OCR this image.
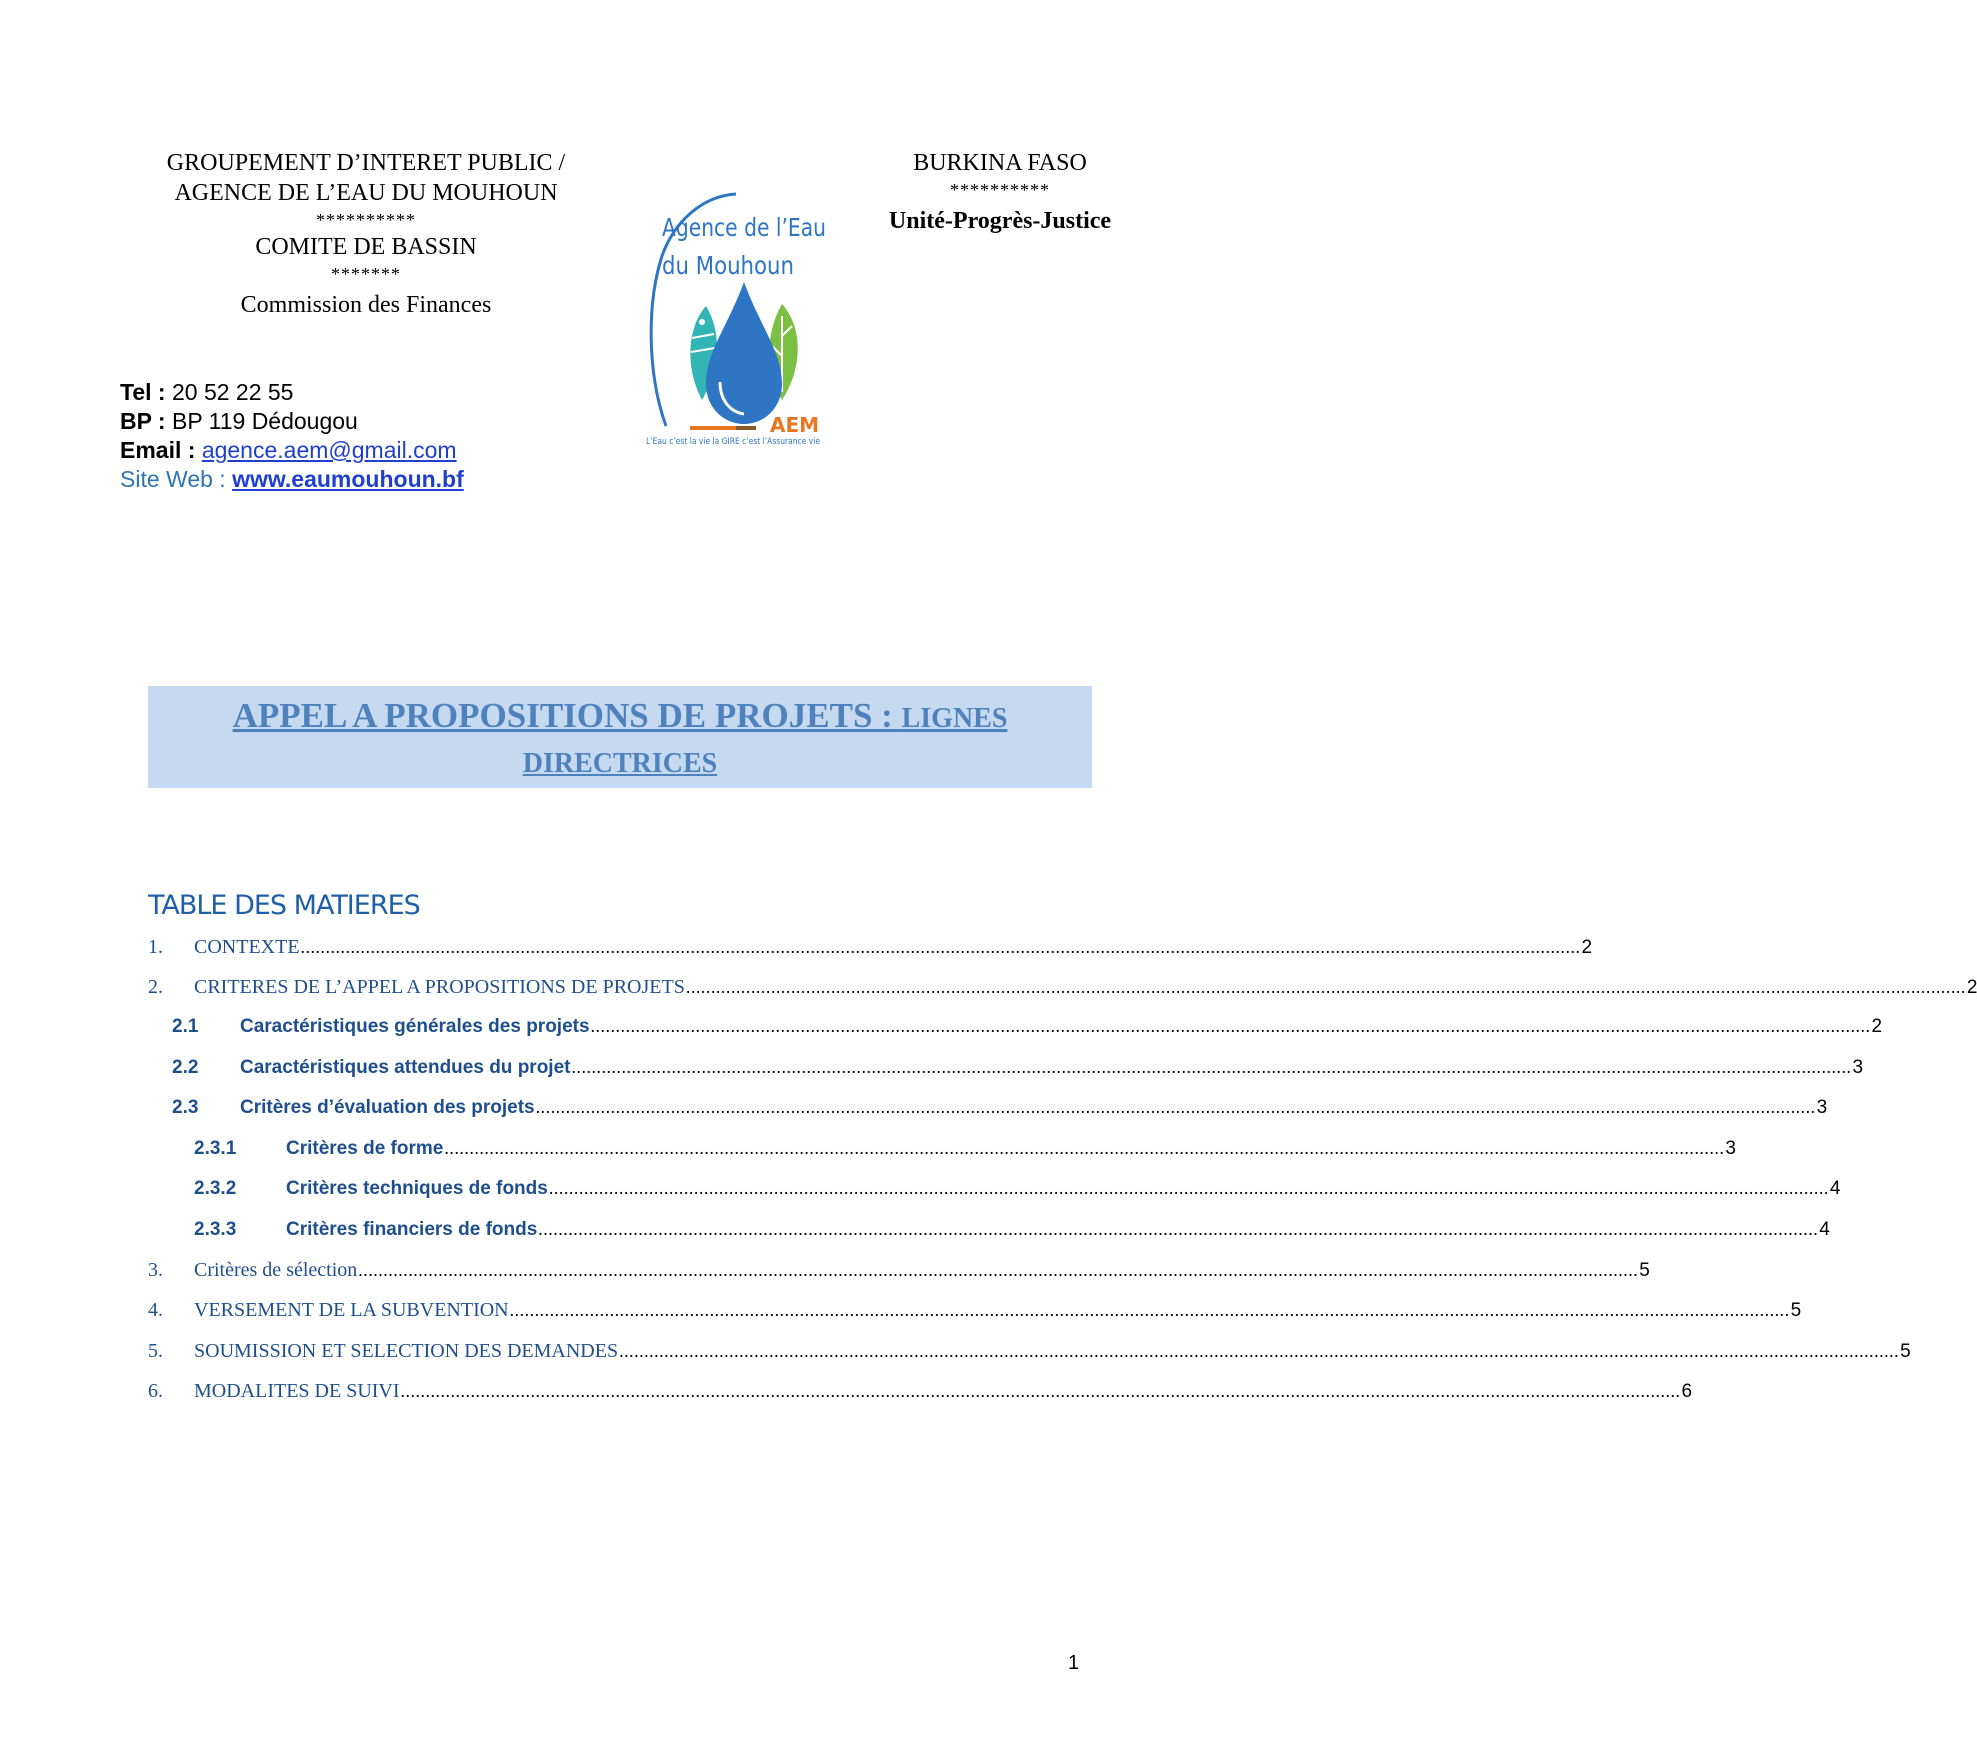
GROUPEMENT D’INTERET PUBLIC /
AGENCE DE L’EAU DU MOUHOUN
**********
COMITE DE BASSIN
*******
Commission des Finances
BURKINA FASO
**********
Unité-Progrès-Justice
Agence de l’Eau
du Mouhoun
AEM
L’Eau c’est la vie la GIRE c’est l’Assurance vie
Tel : 20 52 22 55
BP : BP 119 Dédougou
Email : agence.aem@gmail.com
Site Web : www.eaumouhoun.bf
APPEL A PROPOSITIONS DE PROJETS : LIGNES
DIRECTRICES
TABLE DES MATIERES
1.	CONTEXTE .....	2
2.	CRITERES DE L’APPEL A PROPOSITIONS DE PROJETS .....	2
2.1	Caractéristiques générales des projets .....	2
2.2	Caractéristiques attendues du projet .....	3
2.3	Critères d’évaluation des projets .....	3
2.3.1	Critères de forme .....	3
2.3.2	Critères techniques de fonds .....	4
2.3.3	Critères financiers de fonds .....	4
3.	Critères de sélection .....	5
4.	VERSEMENT DE LA SUBVENTION .....	5
5.	SOUMISSION ET SELECTION DES DEMANDES .....	5
6.	MODALITES DE SUIVI .....	6
1
